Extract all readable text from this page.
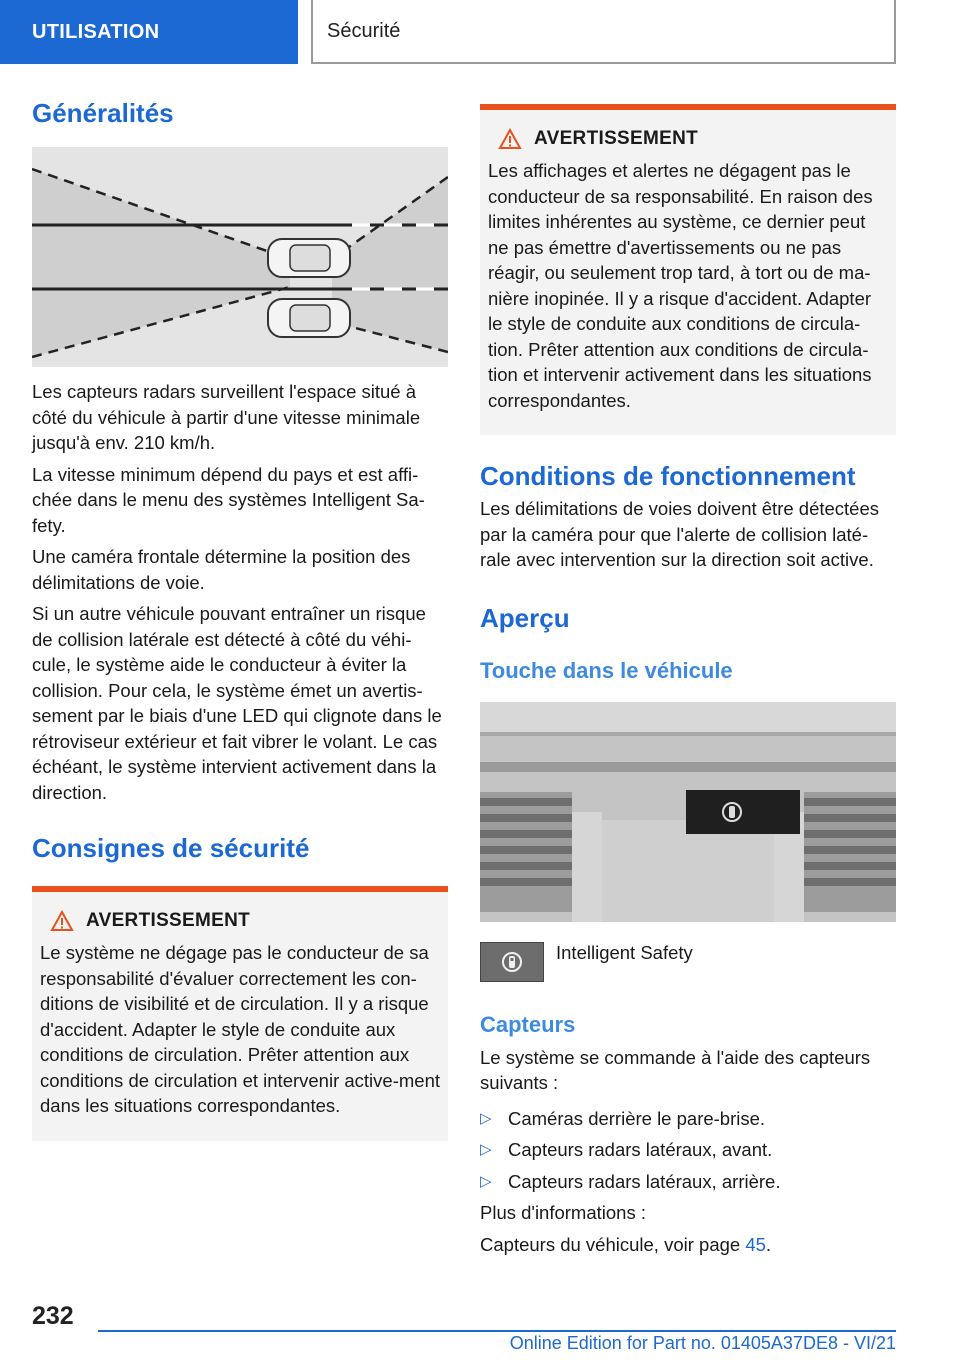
UTILISATION	Sécurité
Généralités

Les capteurs radars surveillent l'espace situé à côté du véhicule à partir d'une vitesse minimale jusqu'à env. 210 km/h.

La vitesse minimum dépend du pays et est affi-chée dans le menu des systèmes Intelligent Sa-fety.

Une caméra frontale détermine la position des délimitations de voie.

Si un autre véhicule pouvant entraîner un risque de collision latérale est détecté à côté du véhi-cule, le système aide le conducteur à éviter la collision. Pour cela, le système émet un avertis-sement par le biais d'une LED qui clignote dans le rétroviseur extérieur et fait vibrer le volant. Le cas échéant, le système intervient activement dans la direction.

Consignes de sécurité
AVERTISSEMENT

Le système ne dégage pas le conducteur de sa responsabilité d'évaluer correctement les con-ditions de visibilité et de circulation. Il y a risque d'accident. Adapter le style de conduite aux conditions de circulation. Prêter attention aux conditions de circulation et intervenir active-ment dans les situations correspondantes.

AVERTISSEMENT

Les affichages et alertes ne dégagent pas le conducteur de sa responsabilité. En raison des limites inhérentes au système, ce dernier peut ne pas émettre d'avertissements ou ne pas réagir, ou seulement trop tard, à tort ou de ma-nière inopinée. Il y a risque d'accident. Adapter le style de conduite aux conditions de circula-tion. Prêter attention aux conditions de circula-tion et intervenir activement dans les situations correspondantes.

Conditions de fonctionnement

Les délimitations de voies doivent être détectées par la caméra pour que l'alerte de collision laté-rale avec intervention sur la direction soit active.

Aperçu
Touche dans le véhicule
Intelligent Safety
Capteurs

Le système se commande à l'aide des capteurs suivants :

▷ Caméras derrière le pare-brise.
▷ Capteurs radars latéraux, avant.
▷ Capteurs radars latéraux, arrière.

Plus d'informations :

Capteurs du véhicule, voir page 45.

232
Online Edition for Part no. 01405A37DE8 - VI/21
